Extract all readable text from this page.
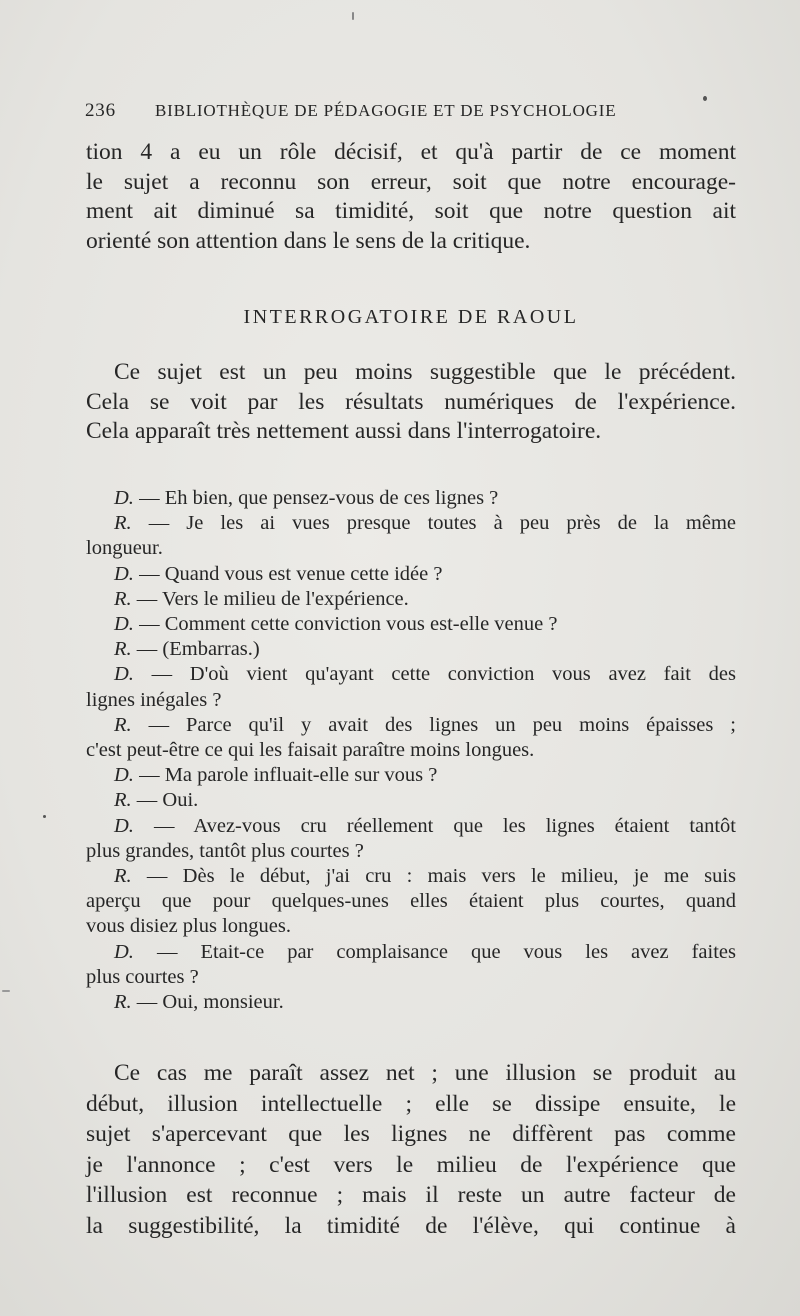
236 BIBLIOTHÈQUE DE PÉDAGOGIE ET DE PSYCHOLOGIE
tion 4 a eu un rôle décisif, et qu'à partir de ce moment
le sujet a reconnu son erreur, soit que notre encourage-
ment ait diminué sa timidité, soit que notre question ait
orienté son attention dans le sens de la critique.
INTERROGATOIRE DE RAOUL
Ce sujet est un peu moins suggestible que le précédent.
Cela se voit par les résultats numériques de l'expérience.
Cela apparaît très nettement aussi dans l'interrogatoire.
D. — Eh bien, que pensez-vous de ces lignes ?
R. — Je les ai vues presque toutes à peu près de la même
longueur.
D. — Quand vous est venue cette idée ?
R. — Vers le milieu de l'expérience.
D. — Comment cette conviction vous est-elle venue ?
R. — (Embarras.)
D. — D'où vient qu'ayant cette conviction vous avez fait des
lignes inégales ?
R. — Parce qu'il y avait des lignes un peu moins épaisses ;
c'est peut-être ce qui les faisait paraître moins longues.
D. — Ma parole influait-elle sur vous ?
R. — Oui.
D. — Avez-vous cru réellement que les lignes étaient tantôt
plus grandes, tantôt plus courtes ?
R. — Dès le début, j'ai cru : mais vers le milieu, je me suis
aperçu que pour quelques-unes elles étaient plus courtes, quand
vous disiez plus longues.
D. — Etait-ce par complaisance que vous les avez faites
plus courtes ?
R. — Oui, monsieur.
Ce cas me paraît assez net ; une illusion se produit au
début, illusion intellectuelle ; elle se dissipe ensuite, le
sujet s'apercevant que les lignes ne diffèrent pas comme
je l'annonce ; c'est vers le milieu de l'expérience que
l'illusion est reconnue ; mais il reste un autre facteur de
la suggestibilité, la timidité de l'élève, qui continue à
